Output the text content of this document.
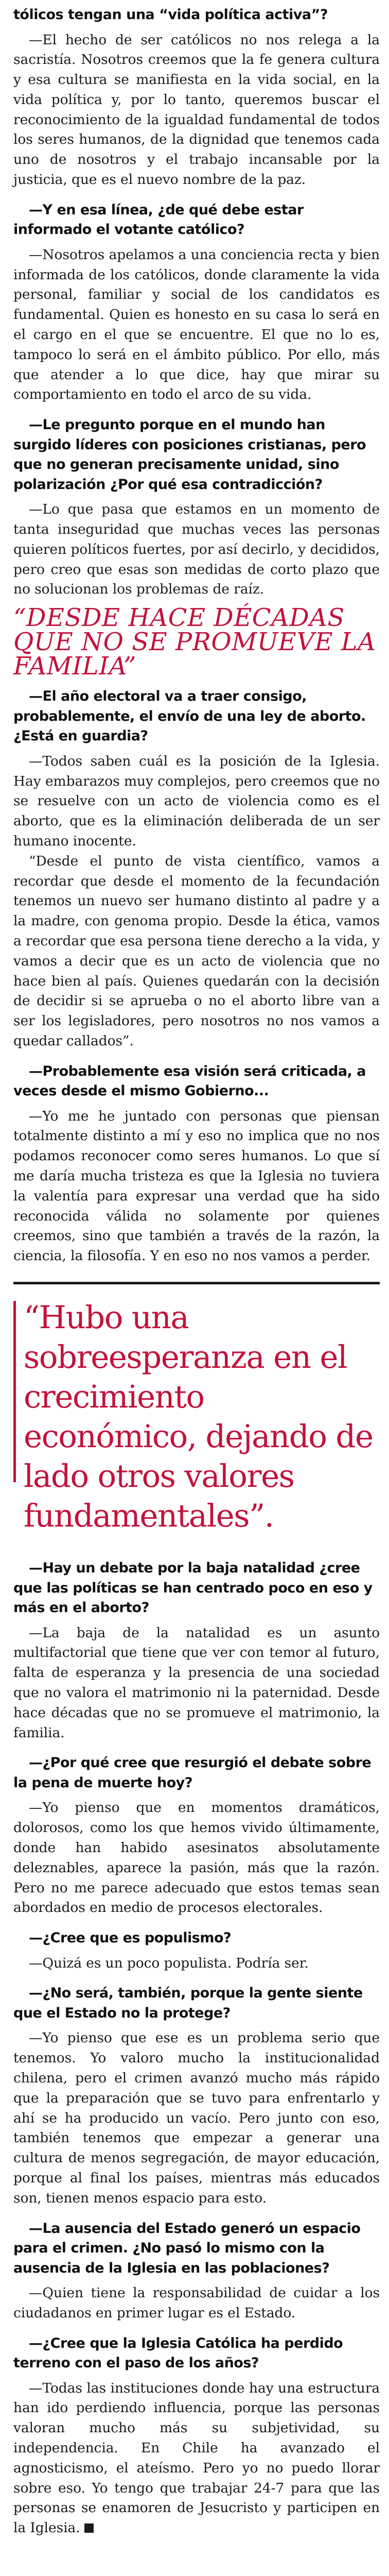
tólicos tengan una “vida política activa”?

—El hecho de ser católicos no nos relega a la sacristía. Nosotros creemos que la fe genera cultura y esa cultura se manifiesta en la vida social, en la vida política y, por lo tanto, queremos buscar el reconocimiento de la igualdad fundamental de todos los seres humanos, de la dignidad que tenemos cada uno de nosotros y el trabajo incansable por la justicia, que es el nuevo nombre de la paz.

—Y en esa línea, ¿de qué debe estar informado el votante católico?

—Nosotros apelamos a una conciencia recta y bien informada de los católicos, donde claramente la vida personal, familiar y social de los candidatos es fundamental. Quien es honesto en su casa lo será en el cargo en el que se encuentre. El que no lo es, tampoco lo será en el ámbito público. Por ello, más que atender a lo que dice, hay que mirar su comportamiento en todo el arco de su vida.

—Le pregunto porque en el mundo han surgido líderes con posiciones cristianas, pero que no generan precisamente unidad, sino polarización ¿Por qué esa contradicción?

—Lo que pasa que estamos en un momento de tanta inseguridad que muchas veces las personas quieren políticos fuertes, por así decirlo, y decididos, pero creo que esas son medidas de corto plazo que no solucionan los problemas de raíz.

“DESDE HACE DÉCADAS QUE NO SE PROMUEVE LA FAMILIA”

—El año electoral va a traer consigo, probablemente, el envío de una ley de aborto. ¿Está en guardia?

—Todos saben cuál es la posición de la Iglesia. Hay embarazos muy complejos, pero creemos que no se resuelve con un acto de violencia como es el aborto, que es la eliminación deliberada de un ser humano inocente.

“Desde el punto de vista científico, vamos a recordar que desde el momento de la fecundación tenemos un nuevo ser humano distinto al padre y a la madre, con genoma propio. Desde la ética, vamos a recordar que esa persona tiene derecho a la vida, y vamos a decir que es un acto de violencia que no hace bien al país. Quienes quedarán con la decisión de decidir si se aprueba o no el aborto libre van a ser los legisladores, pero nosotros no nos vamos a quedar callados”.

—Probablemente esa visión será criticada, a veces desde el mismo Gobierno...

—Yo me he juntado con personas que piensan totalmente distinto a mí y eso no implica que no nos podamos reconocer como seres humanos. Lo que sí me daría mucha tristeza es que la Iglesia no tuviera la valentía para expresar una verdad que ha sido reconocida válida no solamente por quienes creemos, sino que también a través de la razón, la ciencia, la filosofía. Y en eso no nos vamos a perder.

“Hubo una sobreesperanza en el crecimiento económico, dejando de lado otros valores fundamentales”.

—Hay un debate por la baja natalidad ¿cree que las políticas se han centrado poco en eso y más en el aborto?

—La baja de la natalidad es un asunto multifactorial que tiene que ver con temor al futuro, falta de esperanza y la presencia de una sociedad que no valora el matrimonio ni la paternidad. Desde hace décadas que no se promueve el matrimonio, la familia.

—¿Por qué cree que resurgió el debate sobre la pena de muerte hoy?

—Yo pienso que en momentos dramáticos, dolorosos, como los que hemos vivido últimamente, donde han habido asesinatos absolutamente deleznables, aparece la pasión, más que la razón. Pero no me parece adecuado que estos temas sean abordados en medio de procesos electorales.

—¿Cree que es populismo?

—Quizá es un poco populista. Podría ser.

—¿No será, también, porque la gente siente que el Estado no la protege?

—Yo pienso que ese es un problema serio que tenemos. Yo valoro mucho la institucionalidad chilena, pero el crimen avanzó mucho más rápido que la preparación que se tuvo para enfrentarlo y ahí se ha producido un vacío. Pero junto con eso, también tenemos que empezar a generar una cultura de menos segregación, de mayor educación, porque al final los países, mientras más educados son, tienen menos espacio para esto.

—La ausencia del Estado generó un espacio para el crimen. ¿No pasó lo mismo con la ausencia de la Iglesia en las poblaciones?

—Quien tiene la responsabilidad de cuidar a los ciudadanos en primer lugar es el Estado.

—¿Cree que la Iglesia Católica ha perdido terreno con el paso de los años?

—Todas las instituciones donde hay una estructura han ido perdiendo influencia, porque las personas valoran mucho más su subjetividad, su independencia. En Chile ha avanzado el agnosticismo, el ateísmo. Pero yo no puedo llorar sobre eso. Yo tengo que trabajar 24-7 para que las personas se enamoren de Jesucristo y participen en la Iglesia.
